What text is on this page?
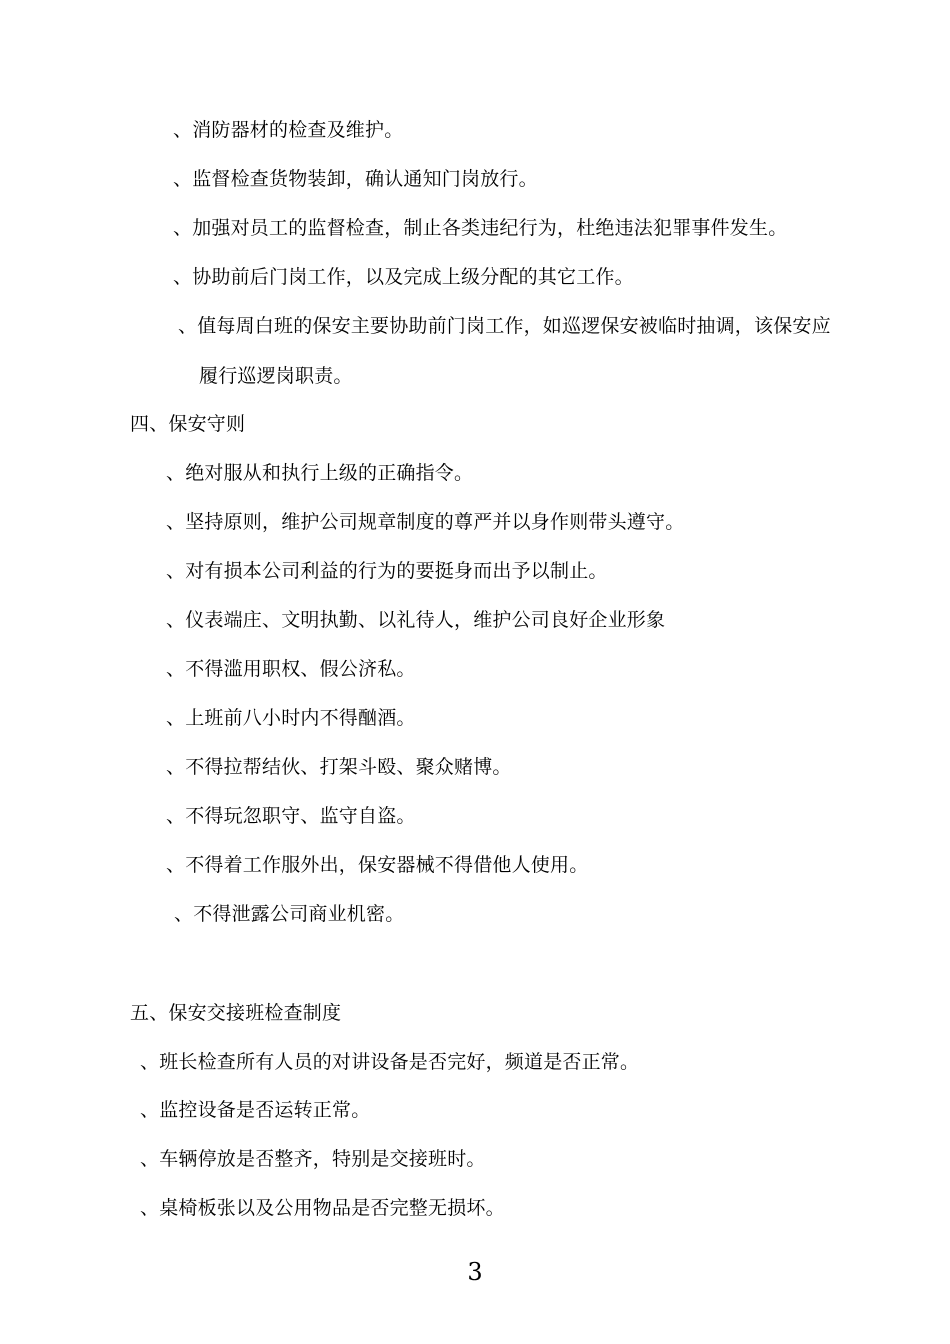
、消防器材的检查及维护。
、监督检查货物装卸，确认通知门岗放行。
、加强对员工的监督检查，制止各类违纪行为，杜绝违法犯罪事件发生。
、协助前后门岗工作，以及完成上级分配的其它工作。
、值每周白班的保安主要协助前门岗工作，如巡逻保安被临时抽调，该保安应
履行巡逻岗职责。
四、保安守则
、绝对服从和执行上级的正确指令。
、坚持原则，维护公司规章制度的尊严并以身作则带头遵守。
、对有损本公司利益的行为的要挺身而出予以制止。
、仪表端庄、文明执勤、以礼待人，维护公司良好企业形象
、不得滥用职权、假公济私。
、上班前八小时内不得酗酒。
、不得拉帮结伙、打架斗殴、聚众赌博。
、不得玩忽职守、监守自盗。
、不得着工作服外出，保安器械不得借他人使用。
、不得泄露公司商业机密。
五、保安交接班检查制度
、班长检查所有人员的对讲设备是否完好，频道是否正常。
、监控设备是否运转正常。
、车辆停放是否整齐，特别是交接班时。
、桌椅板张以及公用物品是否完整无损坏。
3
